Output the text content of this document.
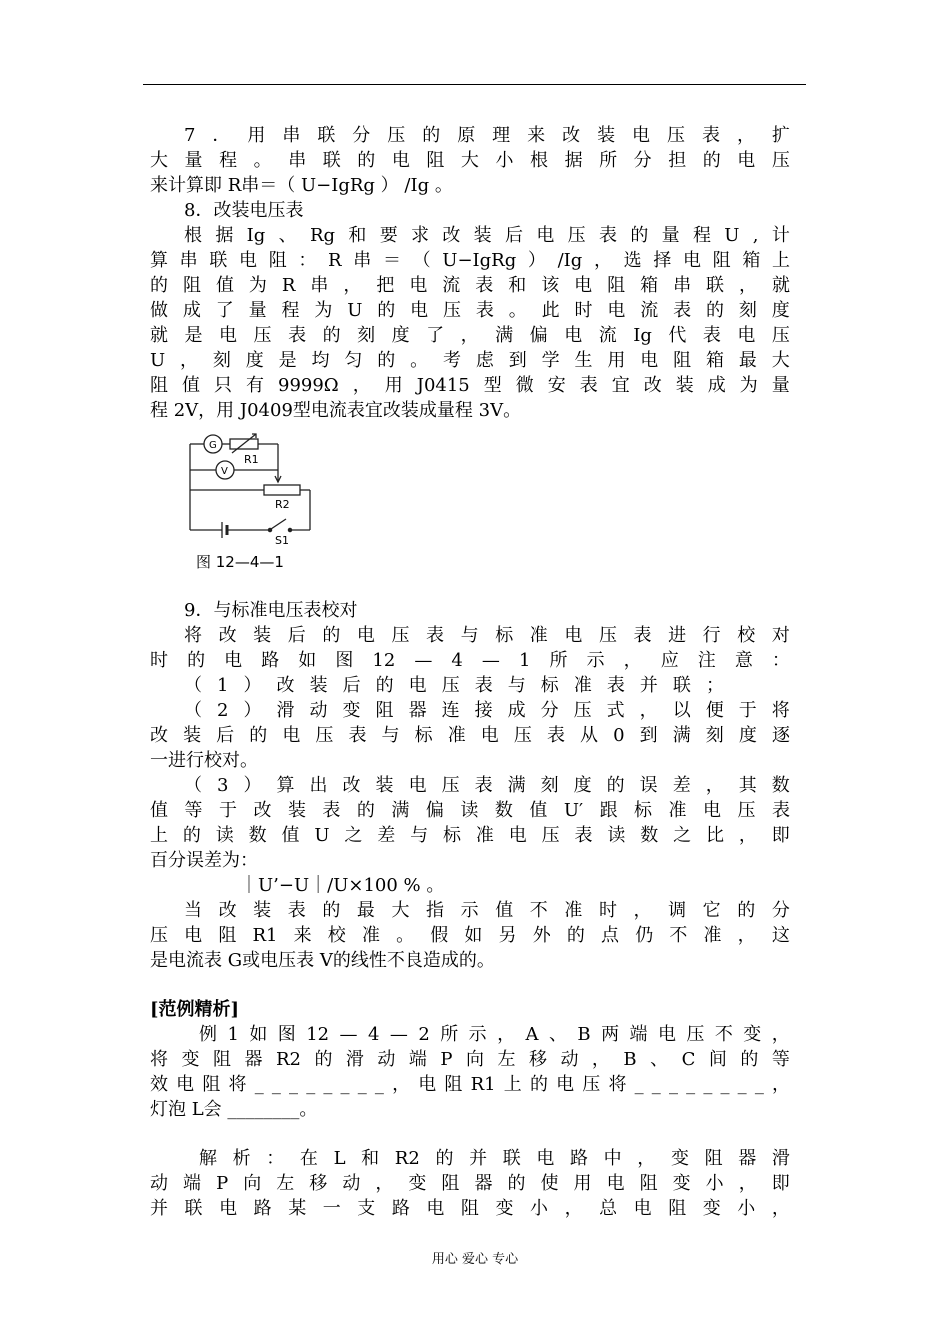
7 ． 用 串 联 分 压 的 原 理 来 改 装 电 压 表 ， 扩
大 量 程 。 串 联 的 电 阻 大 小 根 据 所 分 担 的 电 压
来计算即 R串＝（ U−IgRg ） /Ig 。
8．改装电压表
根 据 Ig 、 Rg 和 要 求 改 装 后 电 压 表 的 量 程 U , 计
算 串 联 电 阻 ： R 串 ＝ （ U−IgRg ） /Ig ， 选 择 电 阻 箱 上
的 阻 值 为 R 串 ， 把 电 流 表 和 该 电 阻 箱 串 联 ， 就
做 成 了 量 程 为 U 的 电 压 表 。 此 时 电 流 表 的 刻 度
就 是 电 压 表 的 刻 度 了 ， 满 偏 电 流 Ig 代 表 电 压
U ， 刻 度 是 均 匀 的 。 考 虑 到 学 生 用 电 阻 箱 最 大
阻 值 只 有 9999Ω ， 用 J0415 型 微 安 表 宜 改 装 成 为 量
程 2V，用 J0409型电流表宜改装成量程 3V。
G
V
R1
R2
S1
图 12—4—1
9．与标准电压表校对
将 改 装 后 的 电 压 表 与 标 准 电 压 表 进 行 校 对
时 的 电 路 如 图 12 — 4 — 1 所 示 ， 应 注 意 ：
（ 1 ） 改 装 后 的 电 压 表 与 标 准 表 并 联 ；
（ 2 ） 滑 动 变 阻 器 连 接 成 分 压 式 ， 以 便 于 将
改 装 后 的 电 压 表 与 标 准 电 压 表 从 0 到 满 刻 度 逐
一进行校对。
（ 3 ） 算 出 改 装 电 压 表 满 刻 度 的 误 差 ， 其 数
值 等 于 改 装 表 的 满 偏 读 数 值 U′ 跟 标 准 电 压 表
上 的 读 数 值 U 之 差 与 标 准 电 压 表 读 数 之 比 ， 即
百分误差为：
｜U’−U｜/U×100 % 。
当 改 装 表 的 最 大 指 示 值 不 准 时 ， 调 它 的 分
压 电 阻 R1 来 校 准 。 假 如 另 外 的 点 仍 不 准 ， 这
是电流表 G或电压表 V的线性不良造成的。
[范例精析]
例 1 如 图 12 — 4 — 2 所 示 ， A 、 B 两 端 电 压 不 变 ，
将 变 阻 器 R2 的 滑 动 端 P 向 左 移 动 ， B 、 C 间 的 等
效 电 阻 将 _ _ _ _ _ _ _ _ ， 电 阻 R1 上 的 电 压 将 _ _ _ _ _ _ _ _ ，
灯泡 L会 ________。
解 析 ： 在 L 和 R2 的 并 联 电 路 中 ， 变 阻 器 滑
动 端 P 向 左 移 动 ， 变 阻 器 的 使 用 电 阻 变 小 ， 即
并 联 电 路 某 一 支 路 电 阻 变 小 ， 总 电 阻 变 小 ，
用心 爱心 专心
